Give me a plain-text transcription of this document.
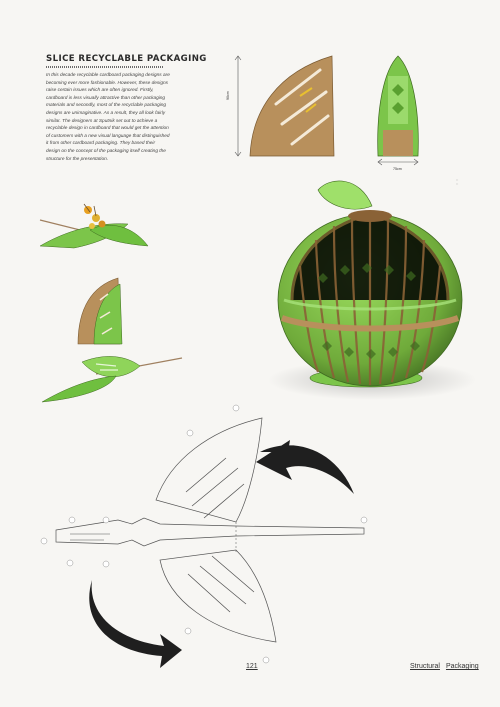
SLICE RECYCLABLE PACKAGING
In this decade recyclable cardboard packaging designs are becoming ever more fashionable. However, these designs raise certain issues which are often ignored. Firstly, cardboard is less visually attractive than other packaging materials and secondly, most of the recyclable packaging designs are unimaginative. As a result, they all look fairly similar. The designers at Sputnik set out to achieve a recyclable design in cardboard that would get the attention of customers with a new visual language that distinguished it from other cardboard packaging. They based their design on the concept of the packaging itself creating the structure for the presentation.
90cm
75cm
◦◦
◦◦
121	Structural Packaging
